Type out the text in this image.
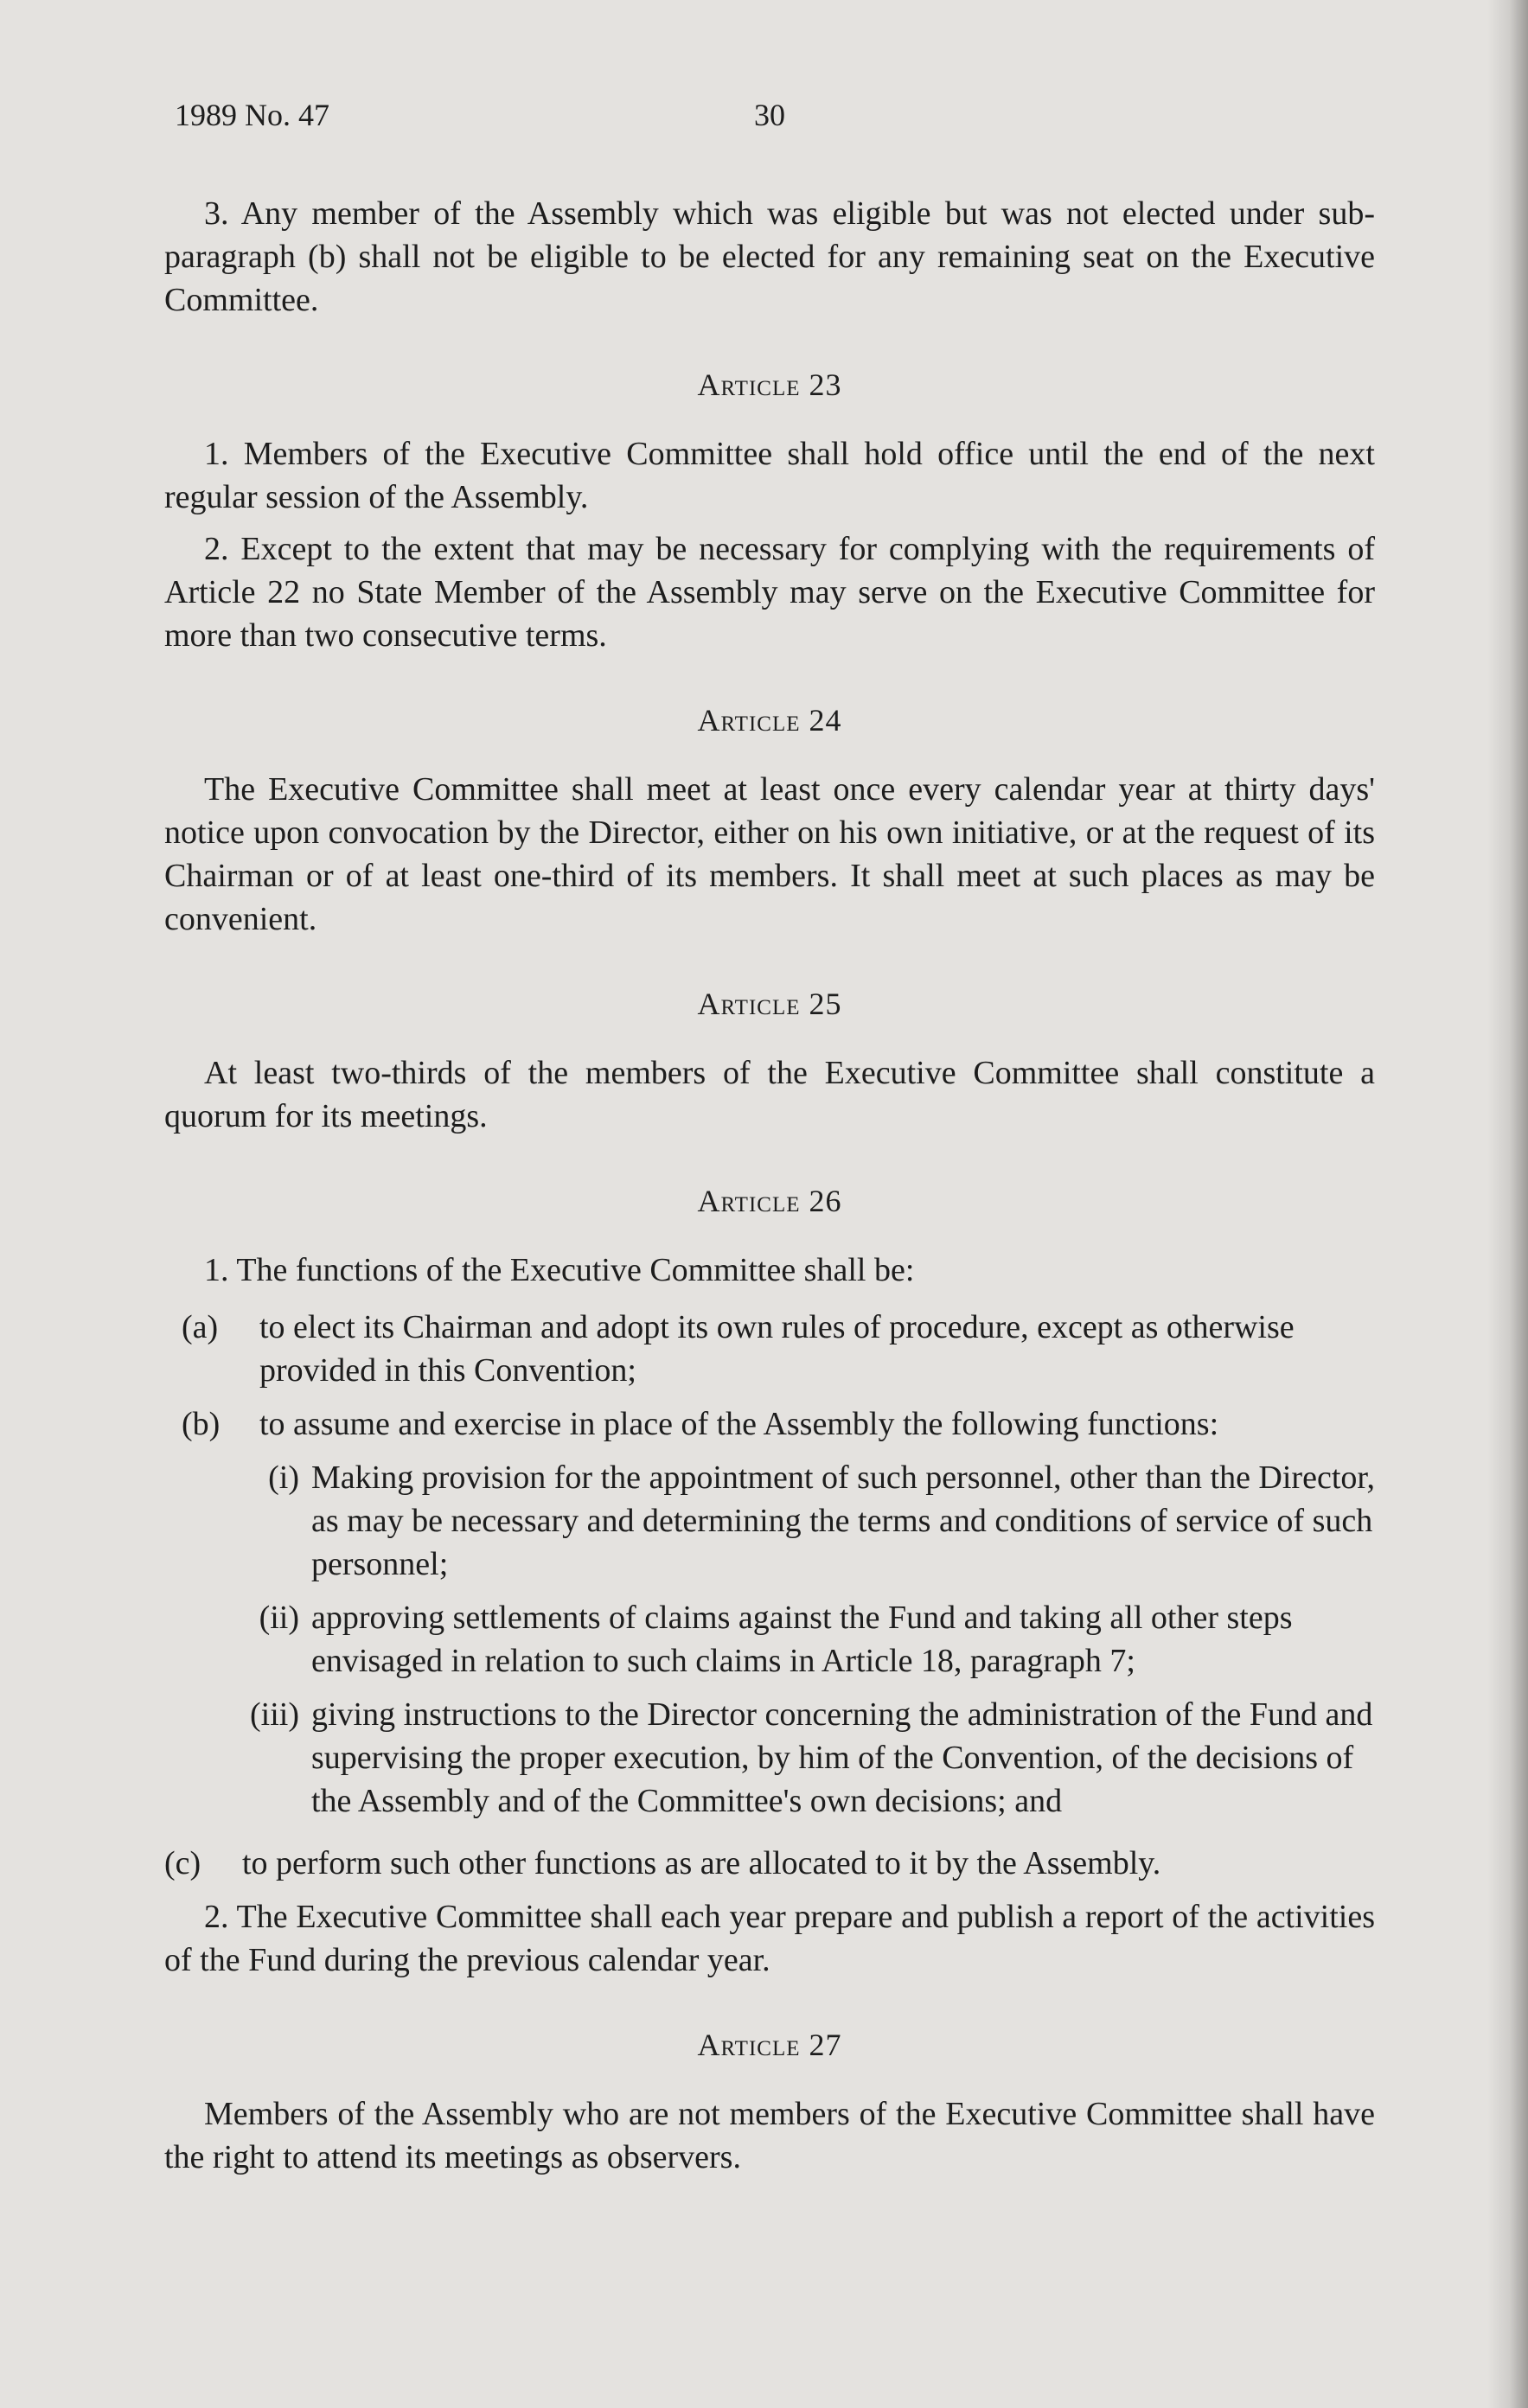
1989 No. 47	30

3. Any member of the Assembly which was eligible but was not elected under sub-paragraph (b) shall not be eligible to be elected for any remaining seat on the Executive Committee.

Article 23

1. Members of the Executive Committee shall hold office until the end of the next regular session of the Assembly.

2. Except to the extent that may be necessary for complying with the requirements of Article 22 no State Member of the Assembly may serve on the Executive Committee for more than two consecutive terms.

Article 24

The Executive Committee shall meet at least once every calendar year at thirty days' notice upon convocation by the Director, either on his own initiative, or at the request of its Chairman or of at least one-third of its members. It shall meet at such places as may be convenient.

Article 25

At least two-thirds of the members of the Executive Committee shall constitute a quorum for its meetings.

Article 26

1. The functions of the Executive Committee shall be:

(a)	to elect its Chairman and adopt its own rules of procedure, except as otherwise provided in this Convention;
(b)	to assume and exercise in place of the Assembly the following functions:
(i) Making provision for the appointment of such personnel, other than the Director, as may be necessary and determining the terms and conditions of service of such personnel;
(ii) approving settlements of claims against the Fund and taking all other steps envisaged in relation to such claims in Article 18, paragraph 7;
(iii) giving instructions to the Director concerning the administration of the Fund and supervising the proper execution, by him of the Convention, of the decisions of the Assembly and of the Committee's own decisions; and
(c)	to perform such other functions as are allocated to it by the Assembly.

2. The Executive Committee shall each year prepare and publish a report of the activities of the Fund during the previous calendar year.

Article 27

Members of the Assembly who are not members of the Executive Committee shall have the right to attend its meetings as observers.
